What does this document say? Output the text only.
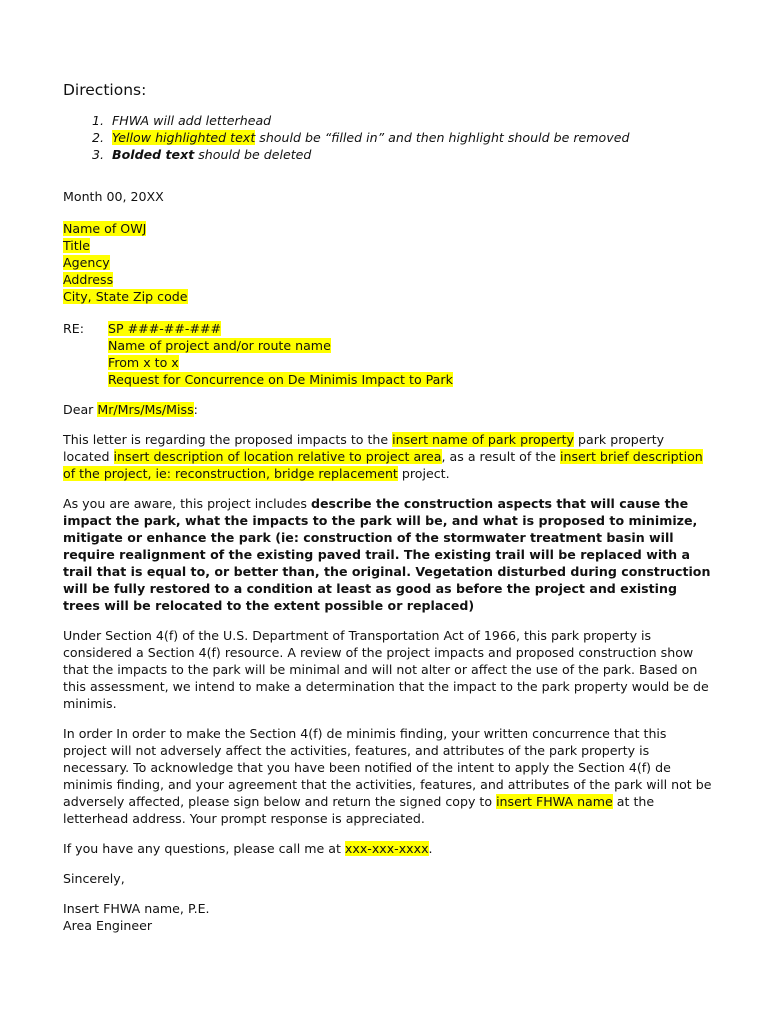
Directions:
1. FHWA will add letterhead
2. Yellow highlighted text should be “filled in” and then highlight should be removed
3. Bolded text should be deleted

Month 00, 20XX

Name of OWJ
Title
Agency
Address
City, State Zip code
RE:	SP ###-##-###
Name of project and/or route name
From x to x
Request for Concurrence on De Minimis Impact to Park

Dear Mr/Mrs/Ms/Miss:

This letter is regarding the proposed impacts to the insert name of park property park property located insert description of location relative to project area, as a result of the insert brief description of the project, ie: reconstruction, bridge replacement project.

As you are aware, this project includes describe the construction aspects that will cause the impact the park, what the impacts to the park will be, and what is proposed to minimize, mitigate or enhance the park (ie: construction of the stormwater treatment basin will require realignment of the existing paved trail. The existing trail will be replaced with a trail that is equal to, or better than, the original. Vegetation disturbed during construction will be fully restored to a condition at least as good as before the project and existing trees will be relocated to the extent possible or replaced)

Under Section 4(f) of the U.S. Department of Transportation Act of 1966, this park property is considered a Section 4(f) resource. A review of the project impacts and proposed construction show that the impacts to the park will be minimal and will not alter or affect the use of the park. Based on this assessment, we intend to make a determination that the impact to the park property would be de minimis.

In order In order to make the Section 4(f) de minimis finding, your written concurrence that this project will not adversely affect the activities, features, and attributes of the park property is necessary. To acknowledge that you have been notified of the intent to apply the Section 4(f) de minimis finding, and your agreement that the activities, features, and attributes of the park will not be adversely affected, please sign below and return the signed copy to insert FHWA name at the letterhead address. Your prompt response is appreciated.

If you have any questions, please call me at xxx-xxx-xxxx.

Sincerely,

Insert FHWA name, P.E.
Area Engineer
